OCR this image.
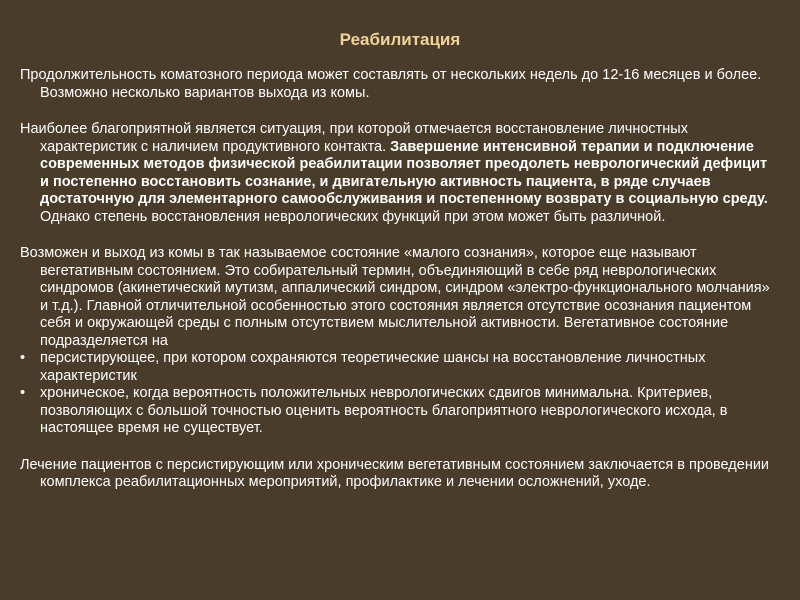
Реабилитация

Продолжительность коматозного периода может составлять от нескольких недель до 12-16 месяцев и более. Возможно несколько вариантов выхода из комы.

Наиболее благоприятной является ситуация, при которой отмечается восстановление личностных характеристик с наличием продуктивного контакта. Завершение интенсивной терапии и подключение современных методов физической реабилитации позволяет преодолеть неврологический дефицит и постепенно восстановить сознание, и двигательную активность пациента, в ряде случаев достаточную для элементарного самообслуживания и постепенному возврату в социальную среду. Однако степень восстановления неврологических функций при этом может быть различной.

Возможен и выход из комы в так называемое состояние «малого сознания», которое еще называют вегетативным состоянием. Это собирательный термин, объединяющий в себе ряд неврологических синдромов (акинетический мутизм, аппалический синдром, синдром «электро-функционального молчания» и т.д.). Главной отличительной особенностью этого состояния является отсутствие осознания пациентом себя и окружающей среды с полным отсутствием мыслительной активности. Вегетативное состояние подразделяется на

•	персистирующее, при котором сохраняются теоретические шансы на восстановление личностных характеристик
•	хроническое, когда вероятность положительных неврологических сдвигов минимальна. Критериев, позволяющих с большой точностью оценить вероятность благоприятного неврологического исхода, в настоящее время не существует.

Лечение пациентов с персистирующим или хроническим вегетативным состоянием заключается в проведении комплекса реабилитационных мероприятий, профилактике и лечении осложнений, уходе.
